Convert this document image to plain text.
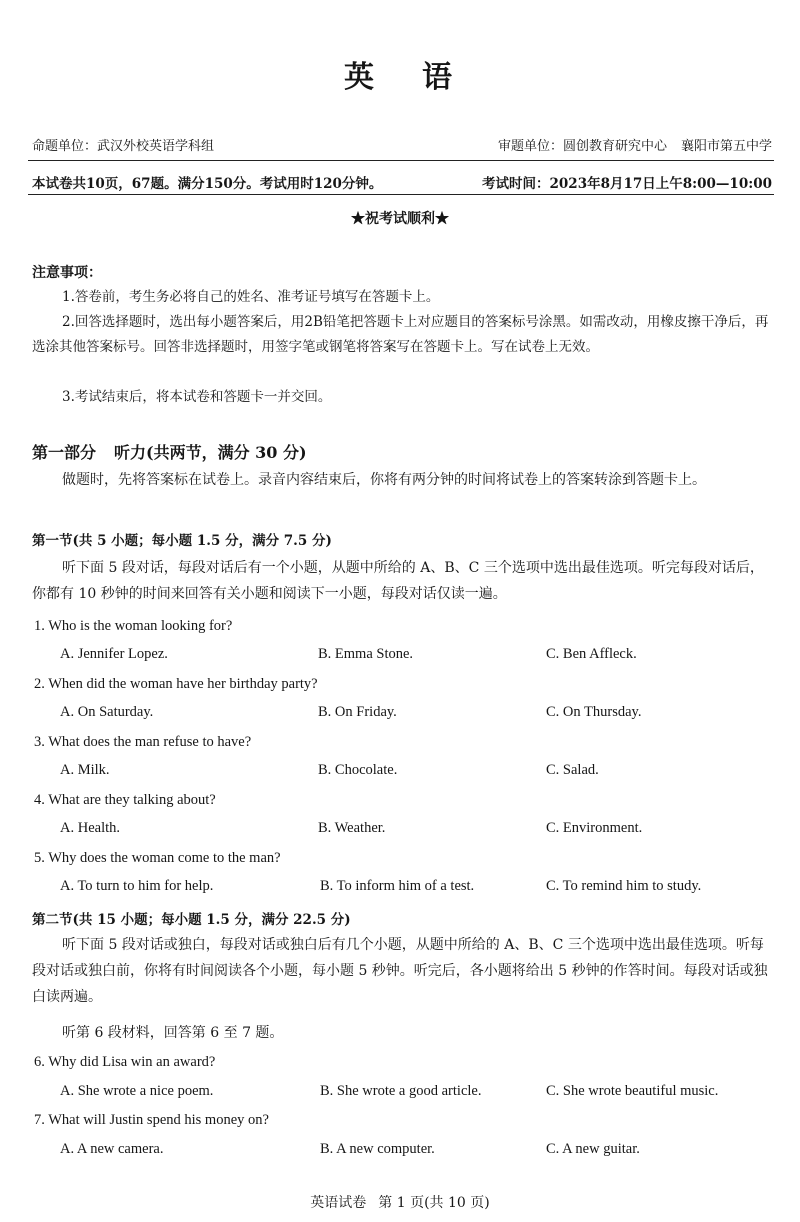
英 语
命题单位：武汉外校英语学科组	审题单位：圆创教育研究中心 襄阳市第五中学
本试卷共10页，67题。满分150分。考试用时120分钟。	考试时间：2023年8月17日上午8:00—10:00
★祝考试顺利★
注意事项：
1.答卷前，考生务必将自己的姓名、准考证号填写在答题卡上。
2.回答选择题时，选出每小题答案后，用2B铅笔把答题卡上对应题目的答案标号涂黑。如需改动，用橡皮擦干净后，再选涂其他答案标号。回答非选择题时，用签字笔或钢笔将答案写在答题卡上。写在试卷上无效。
3.考试结束后，将本试卷和答题卡一并交回。
第一部分 听力(共两节，满分 30 分)
做题时，先将答案标在试卷上。录音内容结束后，你将有两分钟的时间将试卷上的答案转涂到答题卡上。
第一节(共 5 小题；每小题 1.5 分，满分 7.5 分)
听下面 5 段对话，每段对话后有一个小题，从题中所给的 A、B、C 三个选项中选出最佳选项。听完每段对话后，你都有 10 秒钟的时间来回答有关小题和阅读下一小题，每段对话仅读一遍。
1. Who is the woman looking for?
A. Jennifer Lopez.	B. Emma Stone.	C. Ben Affleck.
2. When did the woman have her birthday party?
A. On Saturday.	B. On Friday.	C. On Thursday.
3. What does the man refuse to have?
A. Milk.	B. Chocolate.	C. Salad.
4. What are they talking about?
A. Health.	B. Weather.	C. Environment.
5. Why does the woman come to the man?
A. To turn to him for help.	B. To inform him of a test.	C. To remind him to study.
第二节(共 15 小题；每小题 1.5 分，满分 22.5 分)
听下面 5 段对话或独白，每段对话或独白后有几个小题，从题中所给的 A、B、C 三个选项中选出最佳选项。听每段对话或独白前，你将有时间阅读各个小题，每小题 5 秒钟。听完后，各小题将给出 5 秒钟的作答时间。每段对话或独白读两遍。
听第 6 段材料，回答第 6 至 7 题。
6. Why did Lisa win an award?
A. She wrote a nice poem.	B. She wrote a good article.	C. She wrote beautiful music.
7. What will Justin spend his money on?
A. A new camera.	B. A new computer.	C. A new guitar.
英语试卷 第 1 页(共 10 页)
